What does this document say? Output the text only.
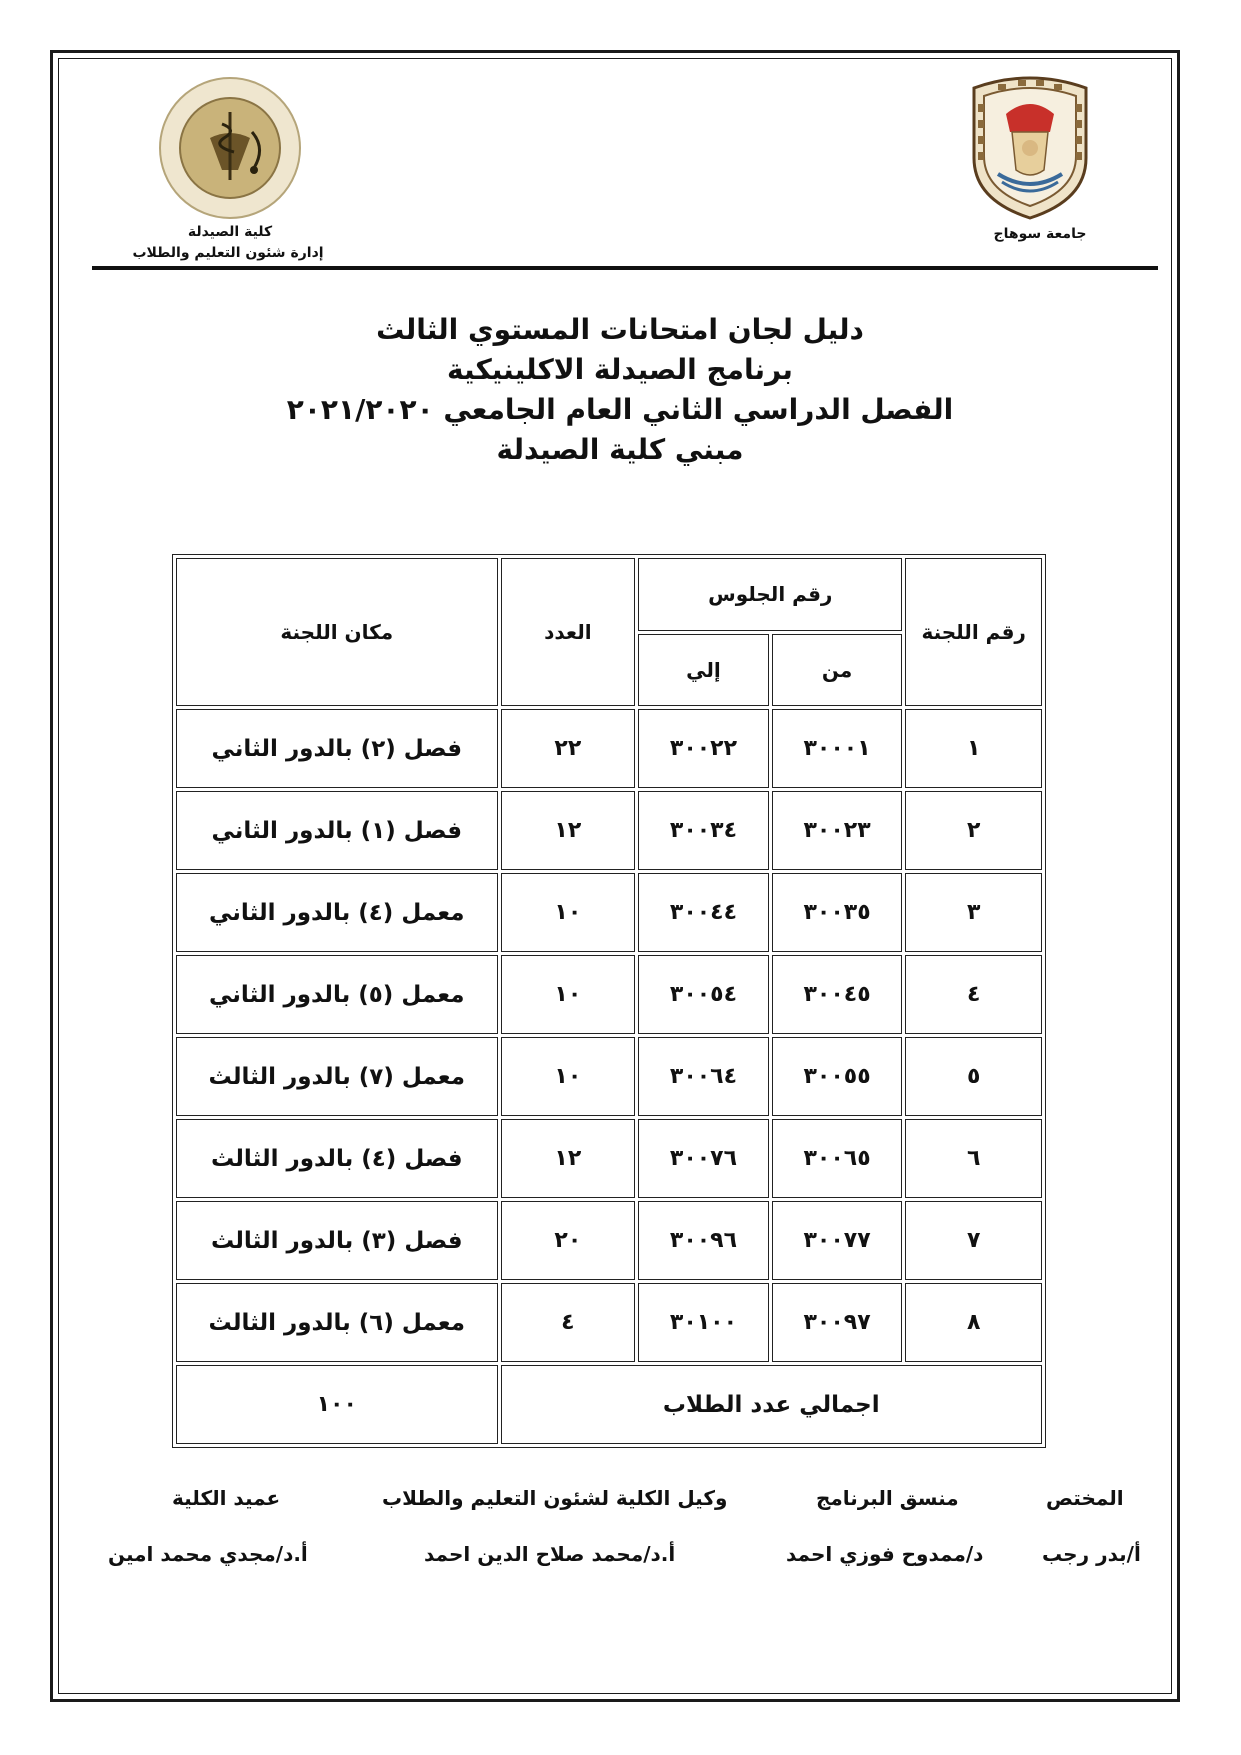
جامعة سوهاج
كلية الصيدلة
إدارة شئون التعليم والطلاب
دليل لجان امتحانات المستوي الثالث
برنامج الصيدلة الاكلينيكية
الفصل الدراسي الثاني العام الجامعي ٢٠٢١/٢٠٢٠
مبني كلية الصيدلة
رقم اللجنة	رقم الجلوس		العدد	مكان اللجنة
	من	إلي		
١	٣٠٠٠١	٣٠٠٢٢	٢٢	فصل (٢) بالدور الثاني
٢	٣٠٠٢٣	٣٠٠٣٤	١٢	فصل (١) بالدور الثاني
٣	٣٠٠٣٥	٣٠٠٤٤	١٠	معمل (٤) بالدور الثاني
٤	٣٠٠٤٥	٣٠٠٥٤	١٠	معمل (٥) بالدور الثاني
٥	٣٠٠٥٥	٣٠٠٦٤	١٠	معمل (٧) بالدور الثالث
٦	٣٠٠٦٥	٣٠٠٧٦	١٢	فصل (٤) بالدور الثالث
٧	٣٠٠٧٧	٣٠٠٩٦	٢٠	فصل (٣) بالدور الثالث
٨	٣٠٠٩٧	٣٠١٠٠	٤	معمل (٦) بالدور الثالث
اجمالي عدد الطلاب				١٠٠
المختص
أ/بدر رجب
منسق البرنامج
د/ممدوح فوزي احمد
وكيل الكلية لشئون التعليم والطلاب
أ.د/محمد صلاح الدين احمد
عميد الكلية
أ.د/مجدي محمد امين
